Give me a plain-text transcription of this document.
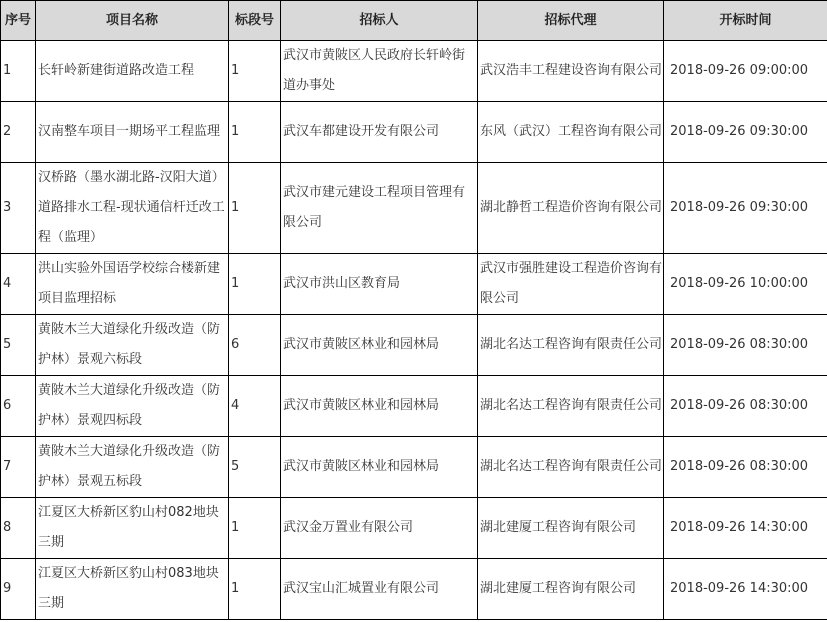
序号	项目名称	标段号	招标人	招标代理	开标时间
1	长轩岭新建街道路改造工程	1	武汉市黄陂区人民政府长轩岭街道办事处	武汉浩丰工程建设咨询有限公司	2018-09-26 09:00:00
2	汉南整车项目一期场平工程监理	1	武汉车都建设开发有限公司	东风（武汉）工程咨询有限公司	2018-09-26 09:30:00
3	汉桥路（墨水湖北路-汉阳大道）道路排水工程-现状通信杆迁改工程（监理）	1	武汉市建元建设工程项目管理有限公司	湖北静哲工程造价咨询有限公司	2018-09-26 09:30:00
4	洪山实验外国语学校综合楼新建项目监理招标	1	武汉市洪山区教育局	武汉市强胜建设工程造价咨询有限公司	2018-09-26 10:00:00
5	黄陂木兰大道绿化升级改造（防护林）景观六标段	6	武汉市黄陂区林业和园林局	湖北名达工程咨询有限责任公司	2018-09-26 08:30:00
6	黄陂木兰大道绿化升级改造（防护林）景观四标段	4	武汉市黄陂区林业和园林局	湖北名达工程咨询有限责任公司	2018-09-26 08:30:00
7	黄陂木兰大道绿化升级改造（防护林）景观五标段	5	武汉市黄陂区林业和园林局	湖北名达工程咨询有限责任公司	2018-09-26 08:30:00
8	江夏区大桥新区豹山村082地块三期	1	武汉金万置业有限公司	湖北建厦工程咨询有限公司	2018-09-26 14:30:00
9	江夏区大桥新区豹山村083地块三期	1	武汉宝山汇城置业有限公司	湖北建厦工程咨询有限公司	2018-09-26 14:30:00
